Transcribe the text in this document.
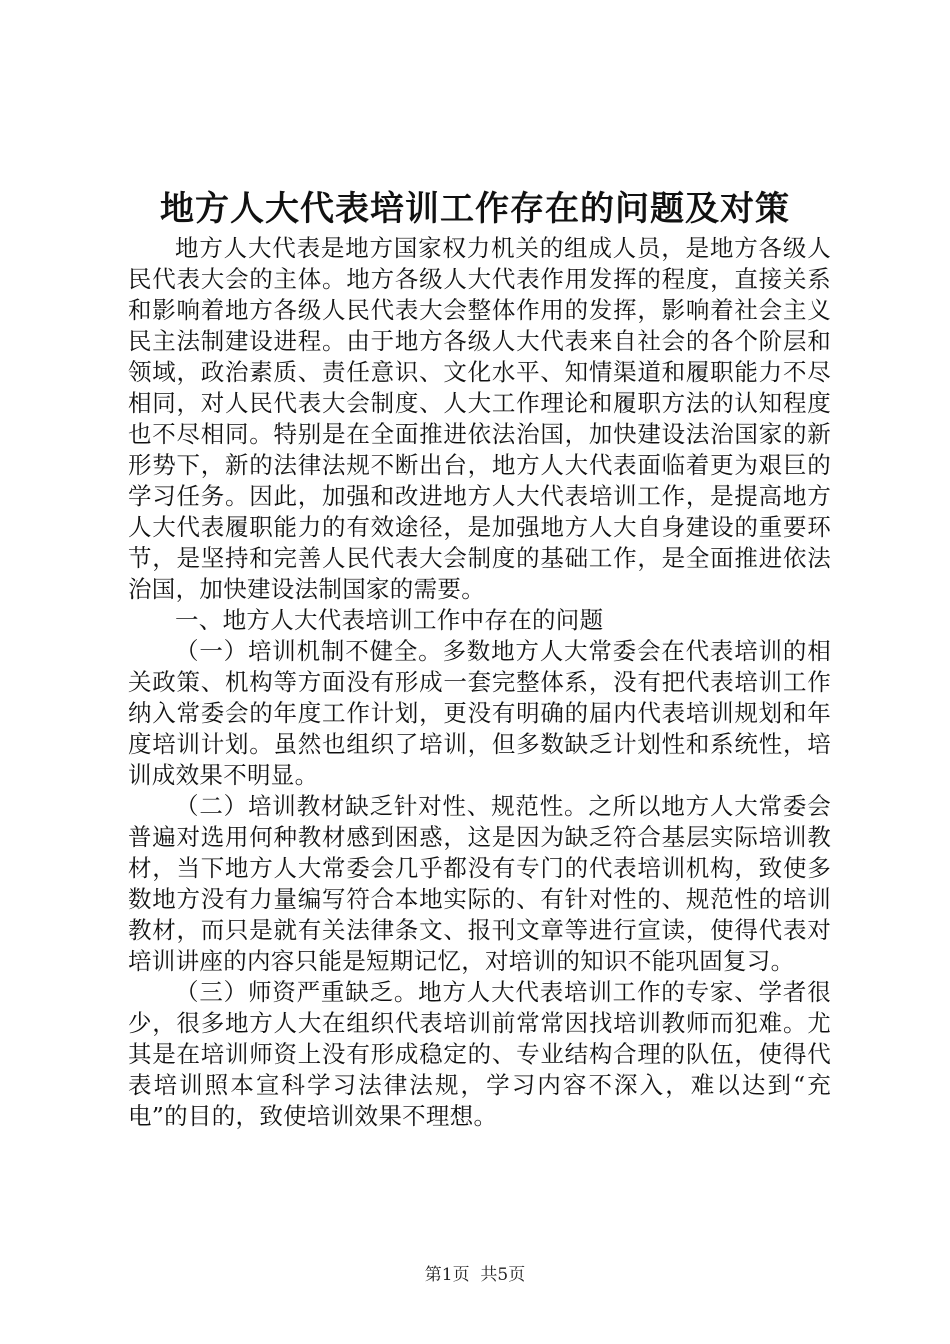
地方人大代表培训工作存在的问题及对策

地方人大代表是地方国家权力机关的组成人员，是地方各级人民代表大会的主体。地方各级人大代表作用发挥的程度，直接关系和影响着地方各级人民代表大会整体作用的发挥，影响着社会主义民主法制建设进程。由于地方各级人大代表来自社会的各个阶层和领域，政治素质、责任意识、文化水平、知情渠道和履职能力不尽相同，对人民代表大会制度、人大工作理论和履职方法的认知程度也不尽相同。特别是在全面推进依法治国，加快建设法治国家的新形势下，新的法律法规不断出台，地方人大代表面临着更为艰巨的学习任务。因此，加强和改进地方人大代表培训工作，是提高地方人大代表履职能力的有效途径，是加强地方人大自身建设的重要环节，是坚持和完善人民代表大会制度的基础工作，是全面推进依法治国，加快建设法制国家的需要。

一、地方人大代表培训工作中存在的问题

（一）培训机制不健全。多数地方人大常委会在代表培训的相关政策、机构等方面没有形成一套完整体系，没有把代表培训工作纳入常委会的年度工作计划，更没有明确的届内代表培训规划和年度培训计划。虽然也组织了培训，但多数缺乏计划性和系统性，培训成效果不明显。

（二）培训教材缺乏针对性、规范性。之所以地方人大常委会普遍对选用何种教材感到困惑，这是因为缺乏符合基层实际培训教材，当下地方人大常委会几乎都没有专门的代表培训机构，致使多数地方没有力量编写符合本地实际的、有针对性的、规范性的培训教材，而只是就有关法律条文、报刊文章等进行宣读，使得代表对培训讲座的内容只能是短期记忆，对培训的知识不能巩固复习。

（三）师资严重缺乏。地方人大代表培训工作的专家、学者很少，很多地方人大在组织代表培训前常常因找培训教师而犯难。尤其是在培训师资上没有形成稳定的、专业结构合理的队伍，使得代表培训照本宣科学习法律法规，学习内容不深入，难以达到“充电”的目的，致使培训效果不理想。

第1页 共5页
